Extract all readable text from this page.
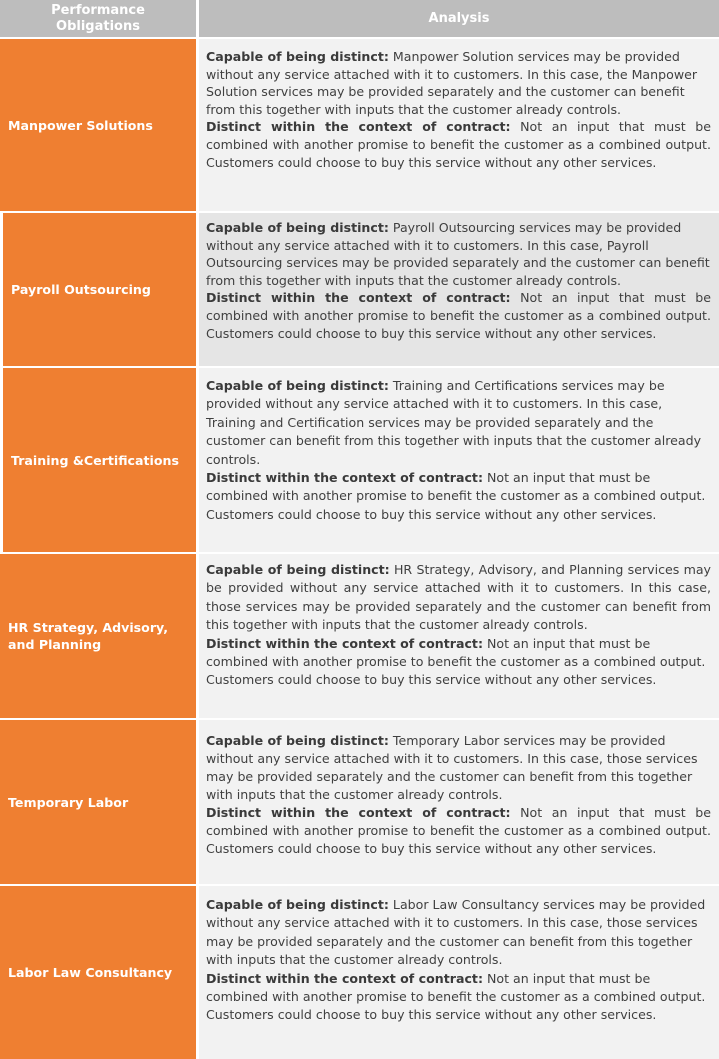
Performance Obligations
Analysis
Manpower Solutions

Capable of being distinct: Manpower Solution services may be provided without any service attached with it to customers. In this case, the Manpower Solution services may be provided separately and the customer can benefit from this together with inputs that the customer already controls.

Distinct within the context of contract: Not an input that must be combined with another promise to benefit the customer as a combined output. Customers could choose to buy this service without any other services.

Payroll Outsourcing

Capable of being distinct: Payroll Outsourcing services may be provided without any service attached with it to customers. In this case, Payroll Outsourcing services may be provided separately and the customer can benefit from this together with inputs that the customer already controls.

Distinct within the context of contract: Not an input that must be combined with another promise to benefit the customer as a combined output. Customers could choose to buy this service without any other services.

Training &Certifications

Capable of being distinct: Training and Certifications services may be provided without any service attached with it to customers. In this case, Training and Certification services may be provided separately and the customer can benefit from this together with inputs that the customer already controls.

Distinct within the context of contract: Not an input that must be combined with another promise to benefit the customer as a combined output. Customers could choose to buy this service without any other services.

HR Strategy, Advisory, and Planning

Capable of being distinct: HR Strategy, Advisory, and Planning services may be provided without any service attached with it to customers. In this case, those services may be provided separately and the customer can benefit from this together with inputs that the customer already controls.

Distinct within the context of contract: Not an input that must be combined with another promise to benefit the customer as a combined output. Customers could choose to buy this service without any other services.

Temporary Labor

Capable of being distinct: Temporary Labor services may be provided without any service attached with it to customers. In this case, those services may be provided separately and the customer can benefit from this together with inputs that the customer already controls.

Distinct within the context of contract: Not an input that must be combined with another promise to benefit the customer as a combined output. Customers could choose to buy this service without any other services.

Labor Law Consultancy

Capable of being distinct: Labor Law Consultancy services may be provided without any service attached with it to customers. In this case, those services may be provided separately and the customer can benefit from this together with inputs that the customer already controls.

Distinct within the context of contract: Not an input that must be combined with another promise to benefit the customer as a combined output. Customers could choose to buy this service without any other services.
